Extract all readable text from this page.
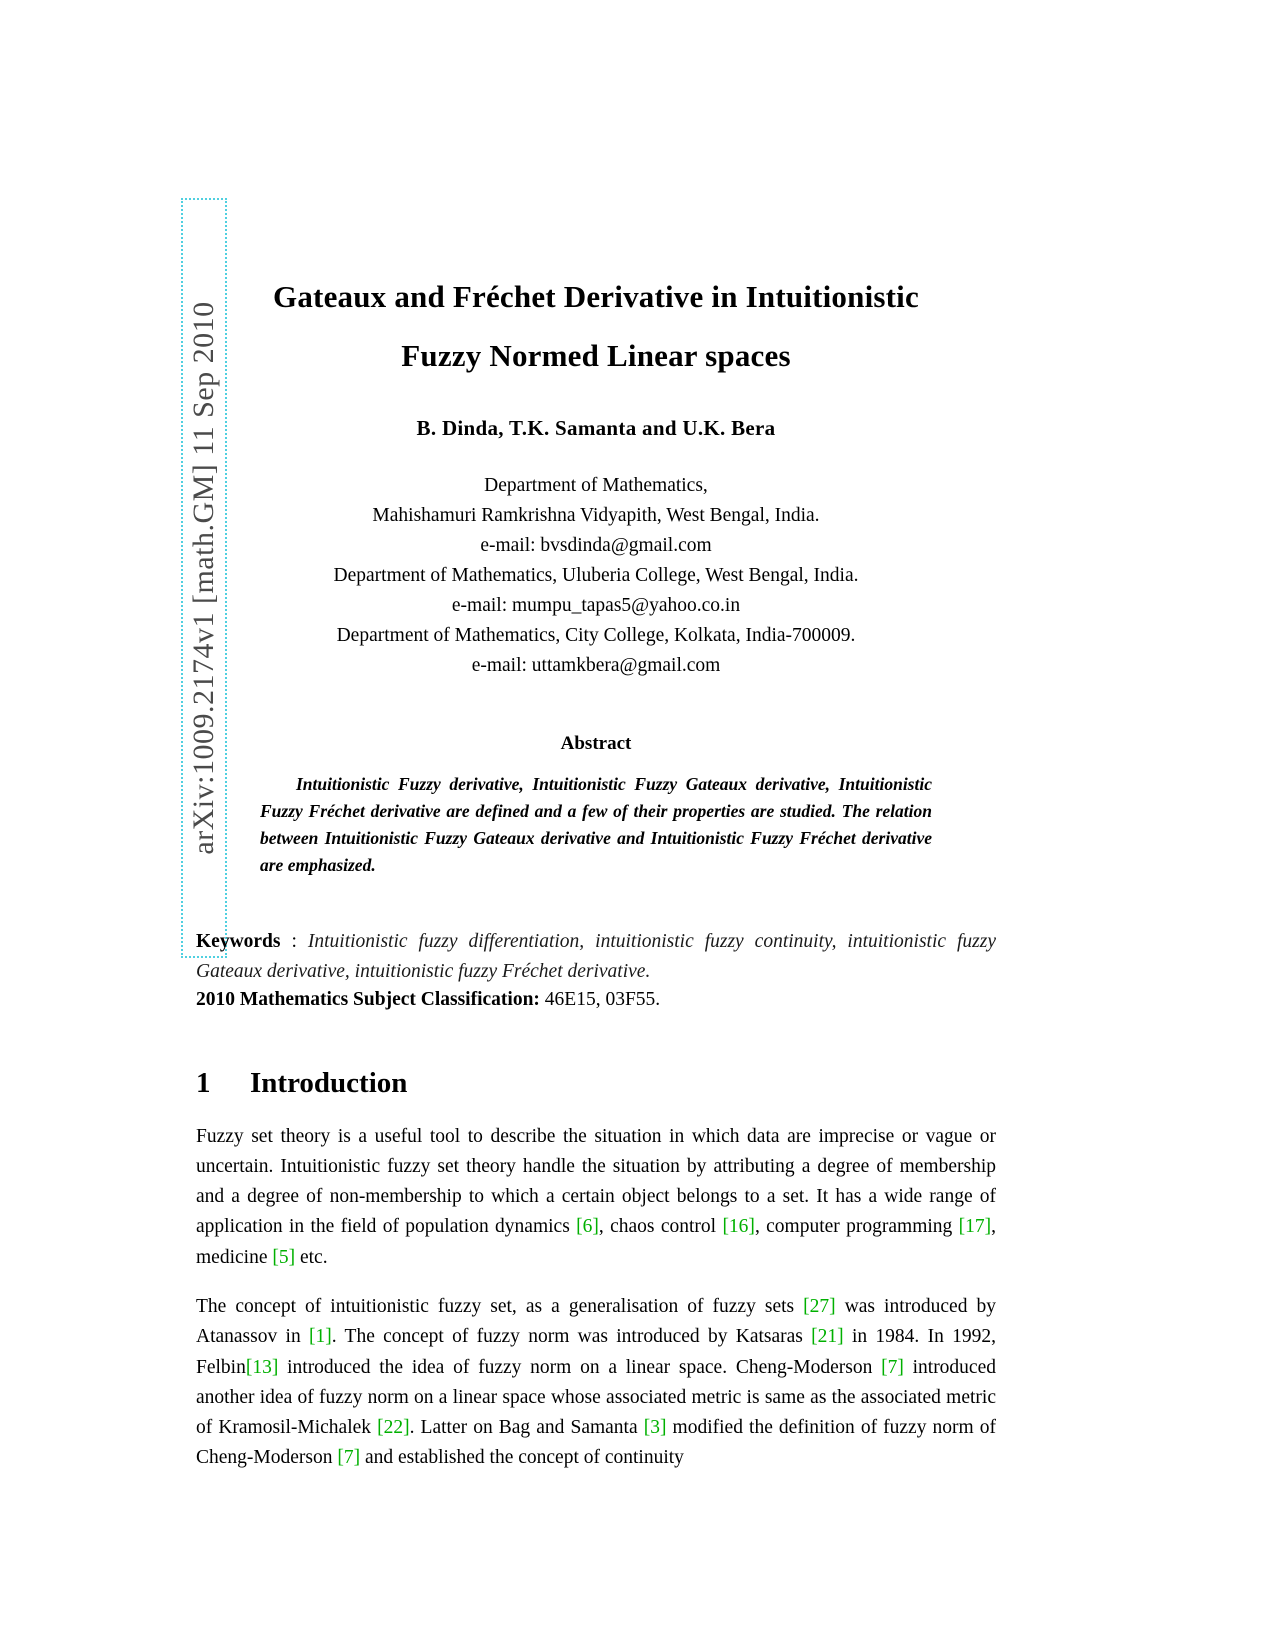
arXiv:1009.2174v1 [math.GM] 11 Sep 2010
Gateaux and Fréchet Derivative in Intuitionistic
Fuzzy Normed Linear spaces
B. Dinda, T.K. Samanta and U.K. Bera
Department of Mathematics,
Mahishamuri Ramkrishna Vidyapith, West Bengal, India.
e-mail: bvsdinda@gmail.com
Department of Mathematics, Uluberia College, West Bengal, India.
e-mail: mumpu_tapas5@yahoo.co.in
Department of Mathematics, City College, Kolkata, India-700009.
e-mail: uttamkbera@gmail.com
Abstract
Intuitionistic Fuzzy derivative, Intuitionistic Fuzzy Gateaux derivative, Intuitionistic Fuzzy Fréchet derivative are defined and a few of their properties are studied. The relation between Intuitionistic Fuzzy Gateaux derivative and Intuitionistic Fuzzy Fréchet derivative are emphasized.
Keywords : Intuitionistic fuzzy differentiation, intuitionistic fuzzy continuity, intuitionistic fuzzy Gateaux derivative, intuitionistic fuzzy Fréchet derivative.
2010 Mathematics Subject Classification: 46E15, 03F55.
1 Introduction

Fuzzy set theory is a useful tool to describe the situation in which data are imprecise or vague or uncertain. Intuitionistic fuzzy set theory handle the situation by attributing a degree of membership and a degree of non-membership to which a certain object belongs to a set. It has a wide range of application in the field of population dynamics [6], chaos control [16], computer programming [17], medicine [5] etc.

The concept of intuitionistic fuzzy set, as a generalisation of fuzzy sets [27] was introduced by Atanassov in [1]. The concept of fuzzy norm was introduced by Katsaras [21] in 1984. In 1992, Felbin[13] introduced the idea of fuzzy norm on a linear space. Cheng-Moderson [7] introduced another idea of fuzzy norm on a linear space whose associated metric is same as the associated metric of Kramosil-Michalek [22]. Latter on Bag and Samanta [3] modified the definition of fuzzy norm of Cheng-Moderson [7] and established the concept of continuity
